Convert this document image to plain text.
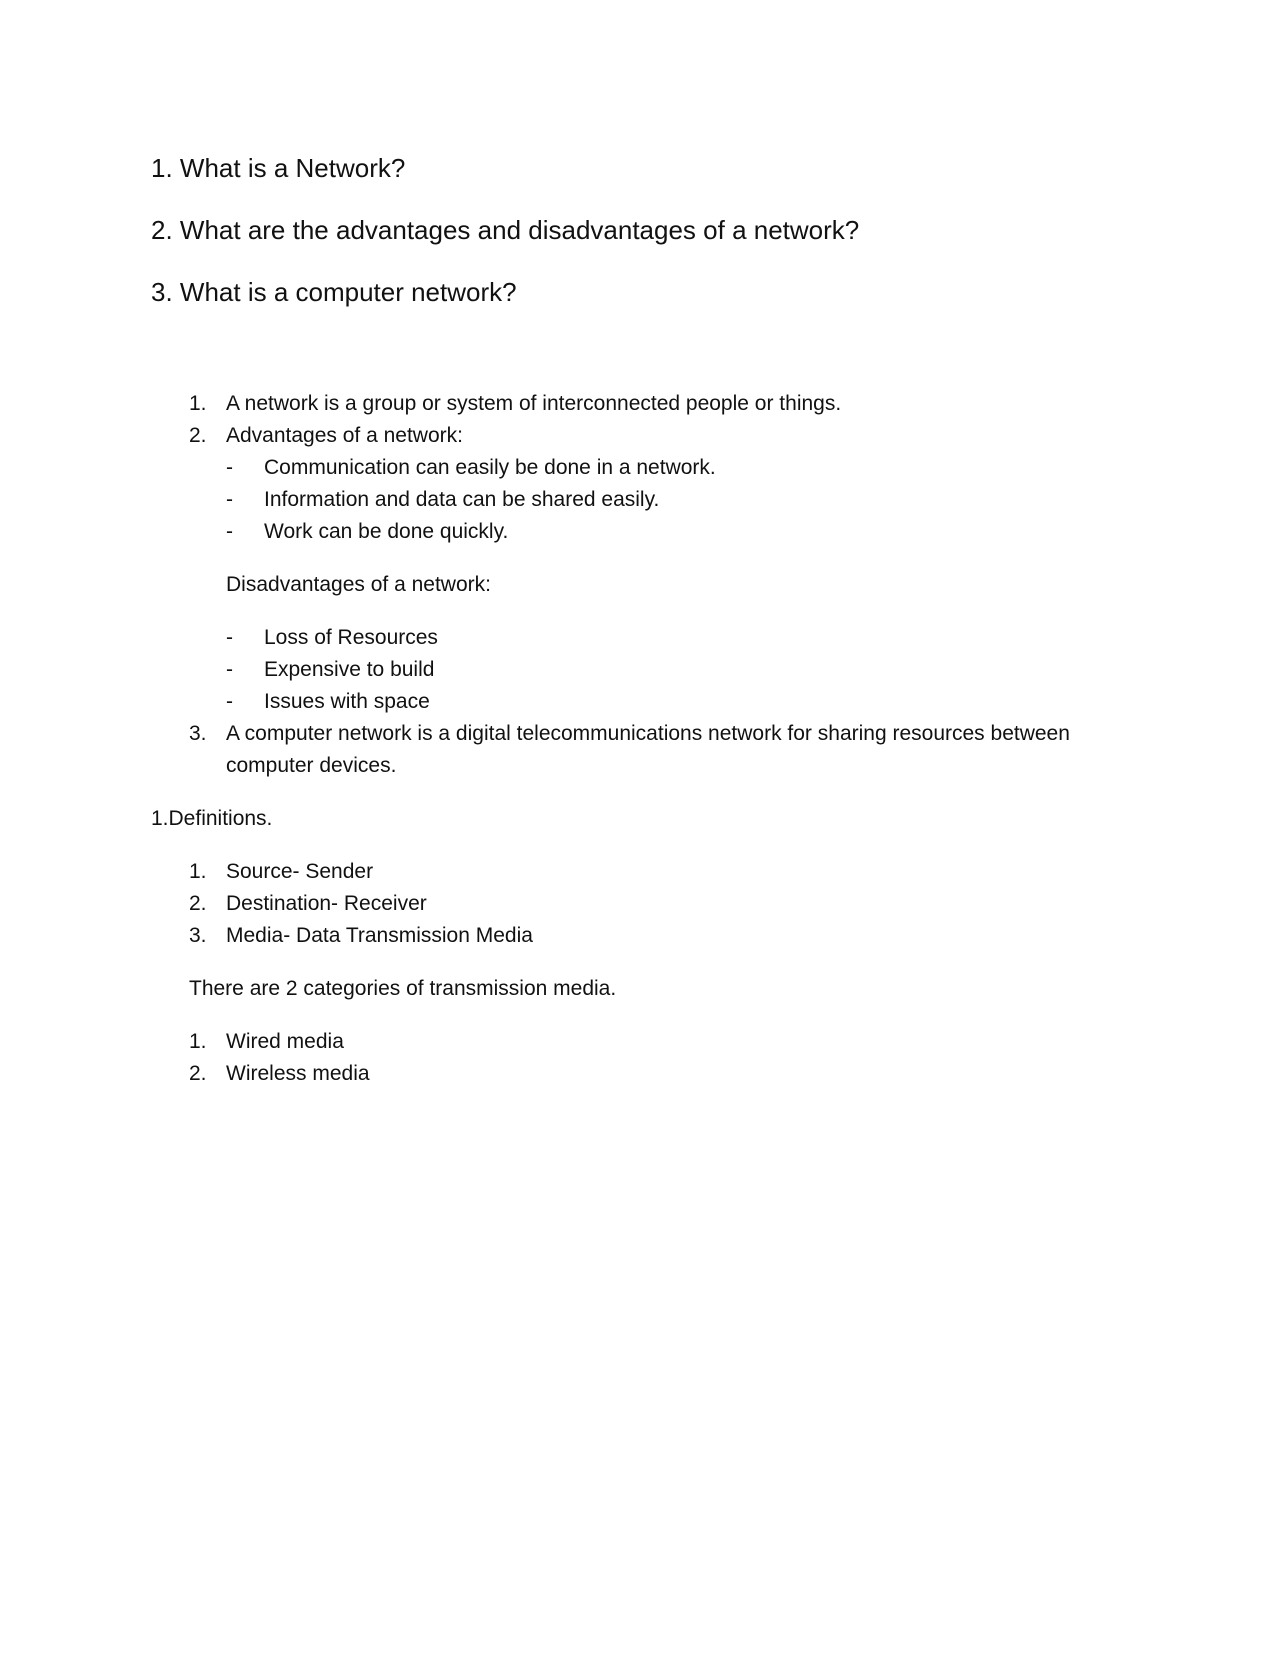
1. What is a Network?
2. What are the advantages and disadvantages of a network?
3. What is a computer network?
1. A network is a group or system of interconnected people or things.
2. Advantages of a network:
- Communication can easily be done in a network.
- Information and data can be shared easily.
- Work can be done quickly.
Disadvantages of a network:
- Loss of Resources
- Expensive to build
- Issues with space
3. A computer network is a digital telecommunications network for sharing resources between
computer devices.
1.Definitions.
1. Source- Sender
2. Destination- Receiver
3. Media- Data Transmission Media
There are 2 categories of transmission media.
1. Wired media
2. Wireless media
